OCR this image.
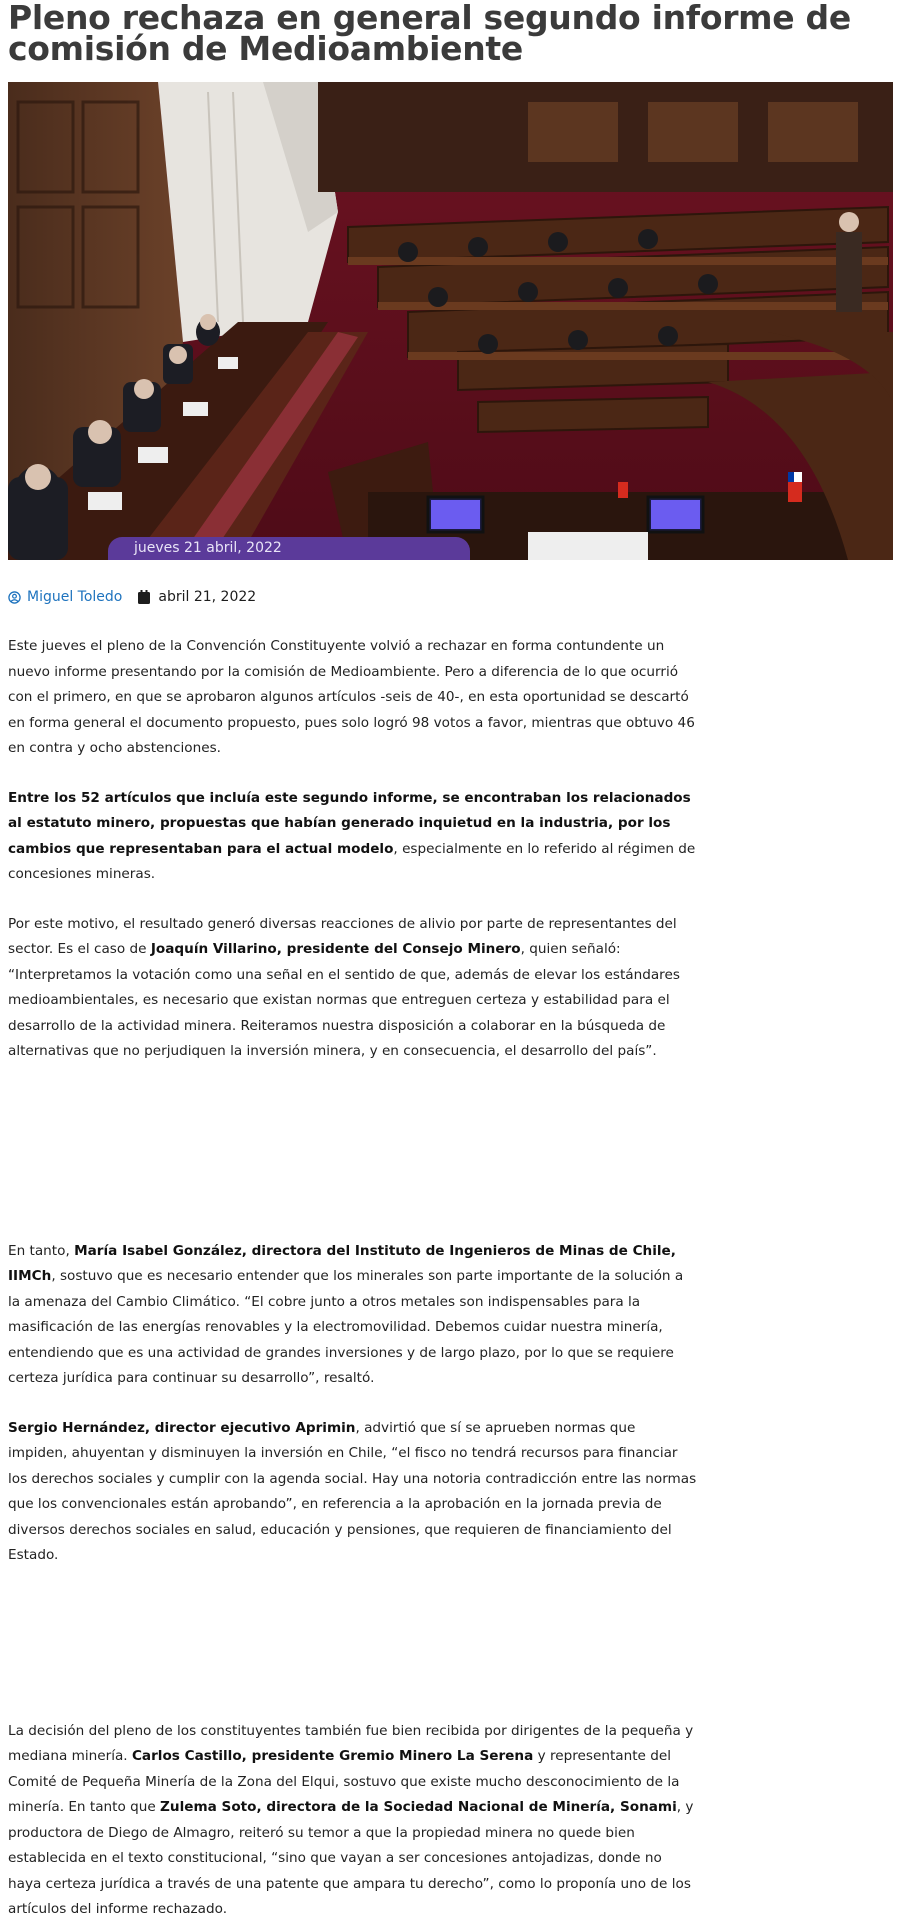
Pleno rechaza en general segundo informe de comisión de Medioambiente
jueves 21 abril, 2022
Miguel Toledo	abril 21, 2022

Este jueves el pleno de la Convención Constituyente volvió a rechazar en forma contundente un nuevo informe presentando por la comisión de Medioambiente. Pero a diferencia de lo que ocurrió con el primero, en que se aprobaron algunos artículos -seis de 40-, en esta oportunidad se descartó en forma general el documento propuesto, pues solo logró 98 votos a favor, mientras que obtuvo 46 en contra y ocho abstenciones.

Entre los 52 artículos que incluía este segundo informe, se encontraban los relacionados al estatuto minero, propuestas que habían generado inquietud en la industria, por los cambios que representaban para el actual modelo, especialmente en lo referido al régimen de concesiones mineras.

Por este motivo, el resultado generó diversas reacciones de alivio por parte de representantes del sector. Es el caso de Joaquín Villarino, presidente del Consejo Minero, quien señaló: “Interpretamos la votación como una señal en el sentido de que, además de elevar los estándares medioambientales, es necesario que existan normas que entreguen certeza y estabilidad para el desarrollo de la actividad minera. Reiteramos nuestra disposición a colaborar en la búsqueda de alternativas que no perjudiquen la inversión minera, y en consecuencia, el desarrollo del país”.

En tanto, María Isabel González, directora del Instituto de Ingenieros de Minas de Chile, IIMCh, sostuvo que es necesario entender que los minerales son parte importante de la solución a la amenaza del Cambio Climático. “El cobre junto a otros metales son indispensables para la masificación de las energías renovables y la electromovilidad. Debemos cuidar nuestra minería, entendiendo que es una actividad de grandes inversiones y de largo plazo, por lo que se requiere certeza jurídica para continuar su desarrollo”, resaltó.

Sergio Hernández, director ejecutivo Aprimin, advirtió que sí se aprueben normas que impiden, ahuyentan y disminuyen la inversión en Chile, “el fisco no tendrá recursos para financiar los derechos sociales y cumplir con la agenda social. Hay una notoria contradicción entre las normas que los convencionales están aprobando”, en referencia a la aprobación en la jornada previa de diversos derechos sociales en salud, educación y pensiones, que requieren de financiamiento del Estado.

La decisión del pleno de los constituyentes también fue bien recibida por dirigentes de la pequeña y mediana minería. Carlos Castillo, presidente Gremio Minero La Serena y representante del Comité de Pequeña Minería de la Zona del Elqui, sostuvo que existe mucho desconocimiento de la minería. En tanto que Zulema Soto, directora de la Sociedad Nacional de Minería, Sonami, y productora de Diego de Almagro, reiteró su temor a que la propiedad minera no quede bien establecida en el texto constitucional, “sino que vayan a ser concesiones antojadizas, donde no haya certeza jurídica a través de una patente que ampara tu derecho”, como lo proponía uno de los artículos del informe rechazado.
